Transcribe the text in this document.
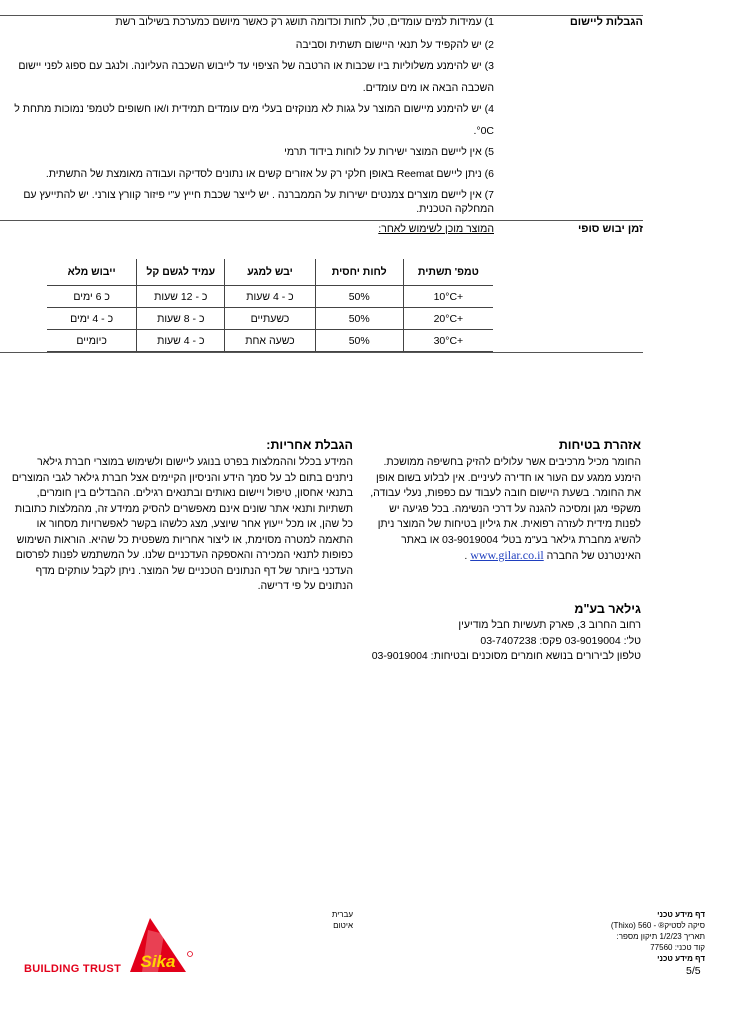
הגבלות ליישום

1) עמידות למים עומדים, טל, לחות וכדומה תושג רק כאשר מיושם כמערכת בשילוב רשת

2) יש להקפיד על תנאי היישום תשתית וסביבה

3) יש להימנע משלוליות ביו שכבות או הרטבה של הציפוי עד לייבוש השכבה העליונה. ולנגב עם ספוג לפני יישום

השכבה הבאה או מים עומדים.

4) יש להימנע מיישום המוצר על גגות לא מנוקזים בעלי מים עומדים תמידית ו/או חשופים לטמפ' נמוכות מתחת ל

0C°.

5) אין ליישם המוצר ישירות על לוחות בידוד תרמי

6) ניתן ליישם Reemat באופן חלקי רק על אזורים קשים או נתונים לסדיקה ועבודה מאומצת של התשתית.

7) אין ליישם מוצרים צמנטים ישירות על הממברנה . יש לייצר שכבת חייץ ע"י פיזור קוורץ צורני. יש להתייעץ עם

המחלקה הטכנית.

זמן יבוש סופי
המוצר מוכן לשימוש לאחר:
טמפ' תשתית	לחות יחסית	יבש למגע	עמיד לגשם קל	ייבוש מלא
+10°C	50%	כ - 4 שעות	כ - 12 שעות	כ 6 ימים
+20°C	50%	כשעתיים	כ - 8 שעות	כ - 4 ימים
+30°C	50%	כשעה אחת	כ - 4 שעות	כיומיים
אזהרת בטיחות
החומר מכיל מרכיבים אשר עלולים להזיק בחשיפה ממושכת.
הימנע ממגע עם העור או חדירה לעיניים. אין לבלוע בשום אופן
את החומר. בשעת היישום חובה לעבוד עם כפפות, נעלי עבודה,
משקפי מגן ומסיכה להגנה על דרכי הנשימה. בכל פגיעה יש
לפנות מידית לעזרה רפואית. את גיליון בטיחות של המוצר ניתן
להשיג מחברת גילאר בע"מ בטל' 03-9019004 או באתר
האינטרנט של החברה www.gilar.co.il .
הגבלת אחריות:
המידע בכלל וההמלצות בפרט בנוגע ליישום ולשימוש במוצרי חברת גילאר
ניתנים בתום לב על סמך הידע והניסיון הקיימים אצל חברת גילאר לגבי המוצרים
בתנאי אחסון, טיפול ויישום נאותים ובתנאים רגילים. ההבדלים בין חומרים,
תשתיות ותנאי אתר שונים אינם מאפשרים להסיק ממידע זה, מהמלצות כתובות
כל שהן, או מכל ייעוץ אחר שיוצע, מצג כלשהו בקשר לאפשרויות מסחור או
התאמה למטרה מסוימת, או ליצור אחריות משפטית כל שהיא. הוראות השימוש
כפופות לתנאי המכירה והאספקה העדכניים שלנו. על המשתמש לפנות לפרסום
העדכני ביותר של דף הנתונים הטכניים של המוצר. ניתן לקבל עותקים מדף
הנתונים על פי דרישה.
גילאר בע"מ
רחוב החרוב 3, פארק תעשיות חבל מודיעין
טל': 03-9019004 פקס: 03-7407238
טלפון לבירורים בנושא חומרים מסוכנים ובטיחות: 03-9019004
דף מידע טכני
סיקה לסטיק® - 560 (Thixo)
תאריך 1/2/23 תיקון מספר:
קוד טכני: 77560
דף מידע טכני
5/5
עברית
איטום
Sika
BUILDING TRUST
